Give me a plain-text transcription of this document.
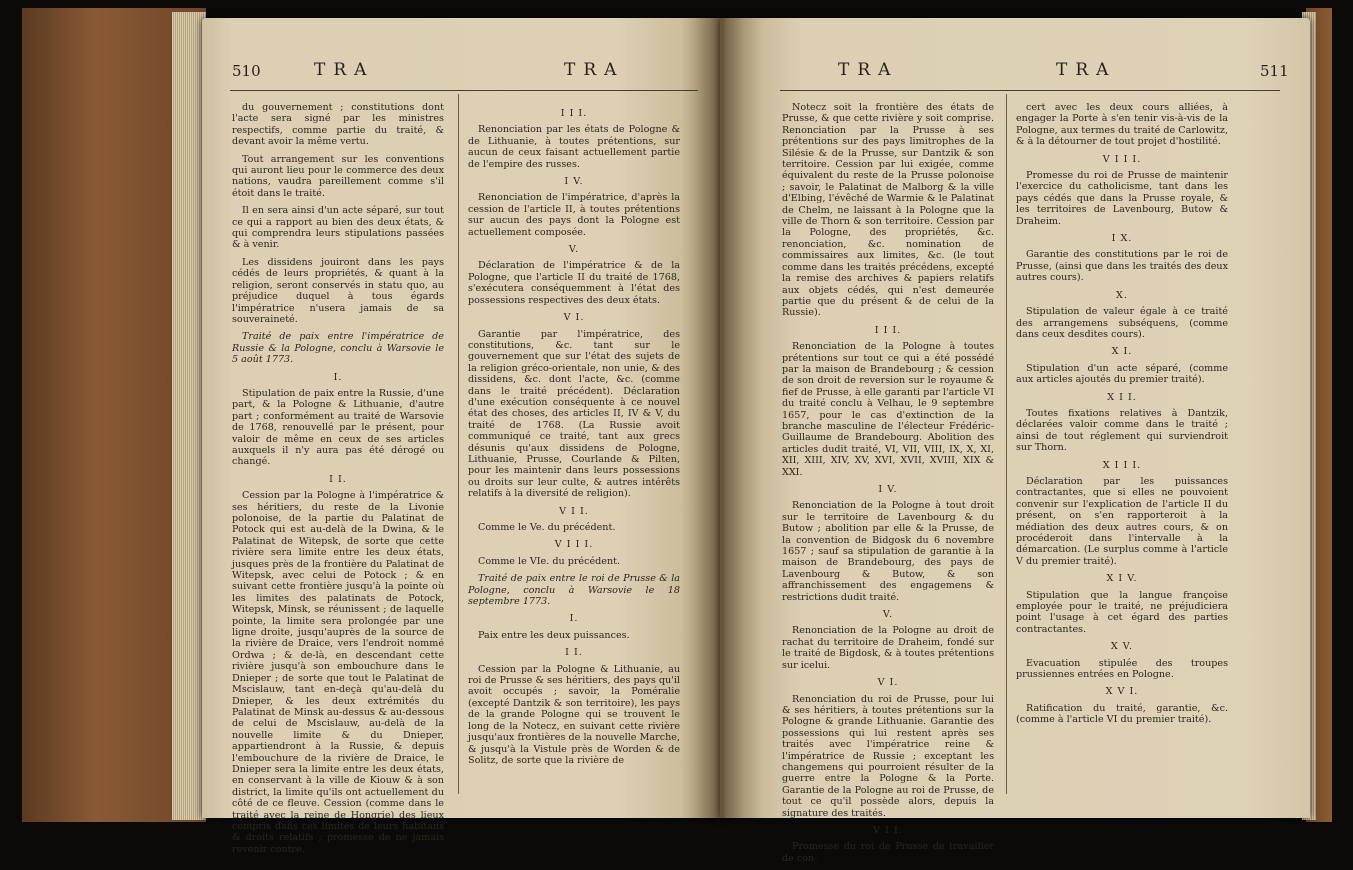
510	TRA	TRA

du gouvernement ; constitutions dont l'acte sera signé par les ministres respectifs, comme partie du traité, & devant avoir la même vertu.

Tout arrangement sur les conventions qui auront lieu pour le commerce des deux nations, vaudra pareillement comme s'il étoit dans le traité.

Il en sera ainsi d'un acte séparé, sur tout ce qui a rapport au bien des deux états, & qui comprendra leurs stipulations passées & à venir.

Les dissidens jouiront dans les pays cédés de leurs propriétés, & quant à la religion, seront conservés in statu quo, au préjudice duquel à tous égards l'impératrice n'usera jamais de sa souveraineté.

Traité de paix entre l'impératrice de Russie & la Pologne, conclu à Warsovie le 5 août 1773.

I.

Stipulation de paix entre la Russie, d'une part, & la Pologne & Lithuanie, d'autre part ; conformément au traité de Warsovie de 1768, renouvellé par le présent, pour valoir de même en ceux de ses articles auxquels il n'y aura pas été dérogé ou changé.

I I.

Cession par la Pologne à l'impératrice & ses héritiers, du reste de la Livonie polonoise, de la partie du Palatinat de Potock qui est au-delà de la Dwina, & le Palatinat de Witepsk, de sorte que cette rivière sera limite entre les deux états, jusques près de la frontière du Palatinat de Witepsk, avec celui de Potock ; & en suivant cette frontière jusqu'à la pointe où les limites des palatinats de Potock, Witepsk, Minsk, se réunissent ; de laquelle pointe, la limite sera prolongée par une ligne droite, jusqu'auprès de la source de la rivière de Draice, vers l'endroit nommé Ordwa ; & de-là, en descendant cette rivière jusqu'à son embouchure dans le Dnieper ; de sorte que tout le Palatinat de Mscislauw, tant en-deçà qu'au-delà du Dnieper, & les deux extrémités du Palatinat de Minsk au-dessus & au-dessous de celui de Mscislauw, au-delà de la nouvelle limite & du Dnieper, appartiendront à la Russie, & depuis l'embouchure de la rivière de Draice, le Dnieper sera la limite entre les deux états, en conservant à la ville de Kiouw & à son district, la limite qu'ils ont actuellement du côté de ce fleuve. Cession (comme dans le traité avec la reine de Hongrie) des lieux compris dans ces limites de leurs habitans & droits relatifs ; promesse de ne jamais revenir contre.

I I I.

Renonciation par les états de Pologne & de Lithuanie, à toutes prétentions, sur aucun de ceux faisant actuellement partie de l'empire des russes.

I V.

Renonciation de l'impératrice, d'après la cession de l'article II, à toutes prétentions sur aucun des pays dont la Pologne est actuellement composée.

V.

Déclaration de l'impératrice & de la Pologne, que l'article II du traité de 1768, s'exécutera conséquemment à l'état des possessions respectives des deux états.

V I.

Garantie par l'impératrice, des constitutions, &c. tant sur le gouvernement que sur l'état des sujets de la religion gréco-orientale, non unie, & des dissidens, &c. dont l'acte, &c. (comme dans le traité précédent). Déclaration d'une exécution conséquente à ce nouvel état des choses, des articles II, IV & V, du traité de 1768. (La Russie avoit communiqué ce traité, tant aux grecs désunis qu'aux dissidens de Pologne, Lithuanie, Prusse, Courlande & Pilten, pour les maintenir dans leurs possessions ou droits sur leur culte, & autres intérêts relatifs à la diversité de religion).

V I I.

Comme le Ve. du précédent.

V I I I.

Comme le VIe. du précédent.

Traité de paix entre le roi de Prusse & la Pologne, conclu à Warsovie le 18 septembre 1773.

I.

Paix entre les deux puissances.

I I.

Cession par la Pologne & Lithuanie, au roi de Prusse & ses héritiers, des pays qu'il avoit occupés ; savoir, la Poméralie (excepté Dantzik & son territoire), les pays de la grande Pologne qui se trouvent le long de la Notecz, en suivant cette rivière jusqu'aux frontières de la nouvelle Marche, & jusqu'à la Vistule près de Worden & de Solitz, de sorte que la rivière de

TRA	TRA	511

Notecz soit la frontière des états de Prusse, & que cette rivière y soit comprise. Renonciation par la Prusse à ses prétentions sur des pays limitrophes de la Silésie & de la Prusse, sur Dantzik & son territoire. Cession par lui exigée, comme équivalent du reste de la Prusse polonoise ; savoir, le Palatinat de Malborg & la ville d'Elbing, l'évêché de Warmie & le Palatinat de Chelm, ne laissant à la Pologne que la ville de Thorn & son territoire. Cession par la Pologne, des propriétés, &c. renonciation, &c. nomination de commissaires aux limites, &c. (le tout comme dans les traités précédens, excepté la remise des archives & papiers relatifs aux objets cédés, qui n'est demeurée partie que du présent & de celui de la Russie).

I I I.

Renonciation de la Pologne à toutes prétentions sur tout ce qui a été possédé par la maison de Brandebourg ; & cession de son droit de reversion sur le royaume & fief de Prusse, à elle garanti par l'article VI du traité conclu à Velhau, le 9 septembre 1657, pour le cas d'extinction de la branche masculine de l'électeur Frédéric-Guillaume de Brandebourg. Abolition des articles dudit traité, VI, VII, VIII, IX, X, XI, XII, XIII, XIV, XV, XVI, XVII, XVIII, XIX & XXI.

I V.

Renonciation de la Pologne à tout droit sur le territoire de Lavenbourg & du Butow ; abolition par elle & la Prusse, de la convention de Bidgosk du 6 novembre 1657 ; sauf sa stipulation de garantie à la maison de Brandebourg, des pays de Lavenbourg & Butow, & son affranchissement des engagemens & restrictions dudit traité.

V.

Renonciation de la Pologne au droit de rachat du territoire de Draheim, fondé sur le traité de Bigdosk, & à toutes prétentions sur icelui.

V I.

Renonciation du roi de Prusse, pour lui & ses héritiers, à toutes prétentions sur la Pologne & grande Lithuanie. Garantie des possessions qui lui restent après ses traités avec l'impératrice reine & l'impératrice de Russie ; exceptant les changemens qui pourroient résulter de la guerre entre la Pologne & la Porte. Garantie de la Pologne au roi de Prusse, de tout ce qu'il possède alors, depuis la signature des traités.

V I I.

Promesse du roi de Prusse de travailler de con-

cert avec les deux cours alliées, à engager la Porte à s'en tenir vis-à-vis de la Pologne, aux termes du traité de Carlowitz, & à la détourner de tout projet d'hostilité.

V I I I.

Promesse du roi de Prusse de maintenir l'exercice du catholicisme, tant dans les pays cédés que dans la Prusse royale, & les territoires de Lavenbourg, Butow & Draheim.

I X.

Garantie des constitutions par le roi de Prusse, (ainsi que dans les traités des deux autres cours).

X.

Stipulation de valeur égale à ce traité des arrangemens subséquens, (comme dans ceux desdites cours).

X I.

Stipulation d'un acte séparé, (comme aux articles ajoutés du premier traité).

X I I.

Toutes fixations relatives à Dantzik, déclarées valoir comme dans le traité ; ainsi de tout réglement qui surviendroit sur Thorn.

X I I I.

Déclaration par les puissances contractantes, que si elles ne pouvoient convenir sur l'explication de l'article II du présent, on s'en rapporteroit à la médiation des deux autres cours, & on procéderoit dans l'intervalle à la démarcation. (Le surplus comme à l'article V du premier traité).

X I V.

Stipulation que la langue françoise employée pour le traité, ne préjudiciera point l'usage à cet égard des parties contractantes.

X V.

Evacuation stipulée des troupes prussiennes entrées en Pologne.

X V I.

Ratification du traité, garantie, &c. (comme à l'article VI du premier traité).
